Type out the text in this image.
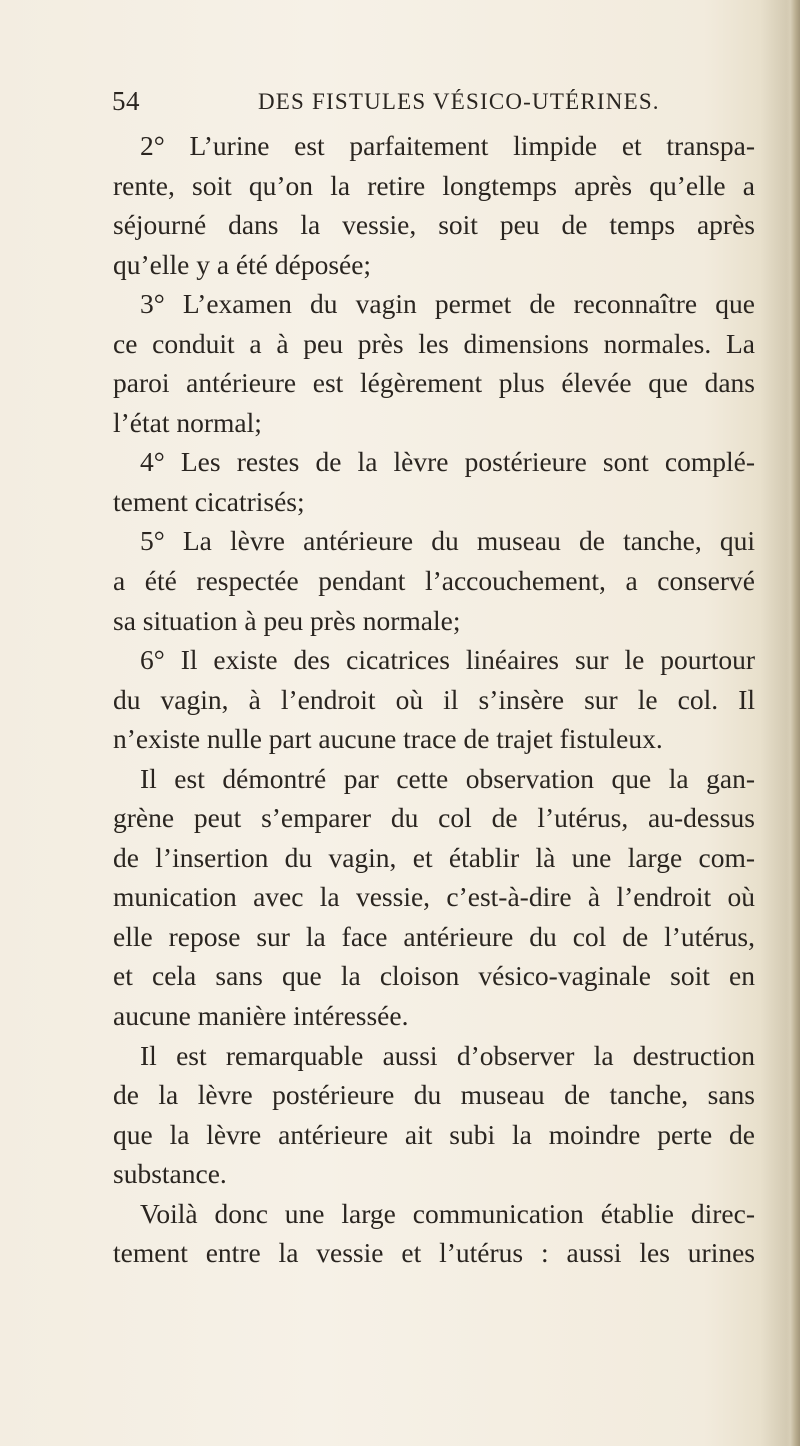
54	DES FISTULES VÉSICO-UTÉRINES.
2° L’urine est parfaitement limpide et transpa-
rente, soit qu’on la retire longtemps après qu’elle a
séjourné dans la vessie, soit peu de temps après
qu’elle y a été déposée;
3° L’examen du vagin permet de reconnaître que
ce conduit a à peu près les dimensions normales. La
paroi antérieure est légèrement plus élevée que dans
l’état normal;
4° Les restes de la lèvre postérieure sont complé-
tement cicatrisés;
5° La lèvre antérieure du museau de tanche, qui
a été respectée pendant l’accouchement, a conservé
sa situation à peu près normale;
6° Il existe des cicatrices linéaires sur le pourtour
du vagin, à l’endroit où il s’insère sur le col. Il
n’existe nulle part aucune trace de trajet fistuleux.
Il est démontré par cette observation que la gan-
grène peut s’emparer du col de l’utérus, au-dessus
de l’insertion du vagin, et établir là une large com-
munication avec la vessie, c’est-à-dire à l’endroit où
elle repose sur la face antérieure du col de l’utérus,
et cela sans que la cloison vésico-vaginale soit en
aucune manière intéressée.
Il est remarquable aussi d’observer la destruction
de la lèvre postérieure du museau de tanche, sans
que la lèvre antérieure ait subi la moindre perte de
substance.
Voilà donc une large communication établie direc-
tement entre la vessie et l’utérus : aussi les urines
